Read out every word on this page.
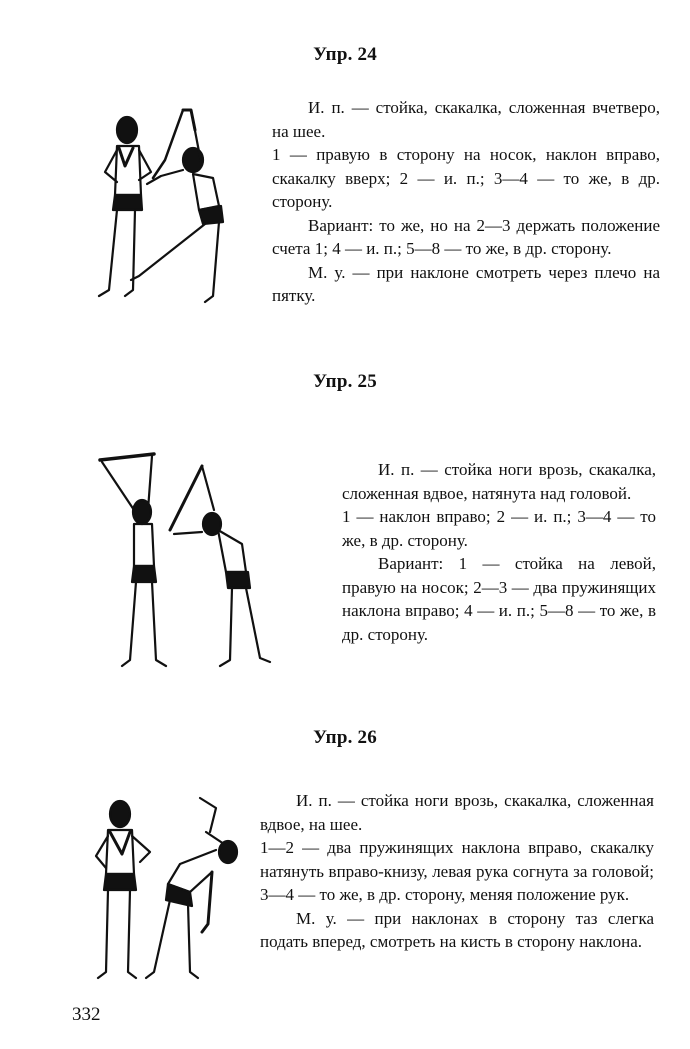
Упр. 24

И. п. — стойка, скакалка, сложенная вчетверо, на шее.

1 — правую в сторону на носок, наклон вправо, скакалку вверх; 2 — и. п.; 3—4 — то же, в др. сторону.

Вариант: то же, но на 2—3 держать положение счета 1; 4 — и. п.; 5—8 — то же, в др. сторону.

М. у. — при наклоне смотреть через плечо на пятку.

Упр. 25

И. п. — стойка ноги врозь, скакалка, сложенная вдвое, натянута над головой.

1 — наклон вправо; 2 — и. п.; 3—4 — то же, в др. сторону.

Вариант: 1 — стойка на левой, правую на носок; 2—3 — два пружинящих наклона вправо; 4 — и. п.; 5—8 — то же, в др. сторону.

Упр. 26

И. п. — стойка ноги врозь, скакалка, сложенная вдвое, на шее.

1—2 — два пружинящих наклона вправо, скакалку натянуть вправо-книзу, левая рука согнута за головой; 3—4 — то же, в др. сторону, меняя положение рук.

М. у. — при наклонах в сторону таз слегка подать вперед, смотреть на кисть в сторону наклона.

332
